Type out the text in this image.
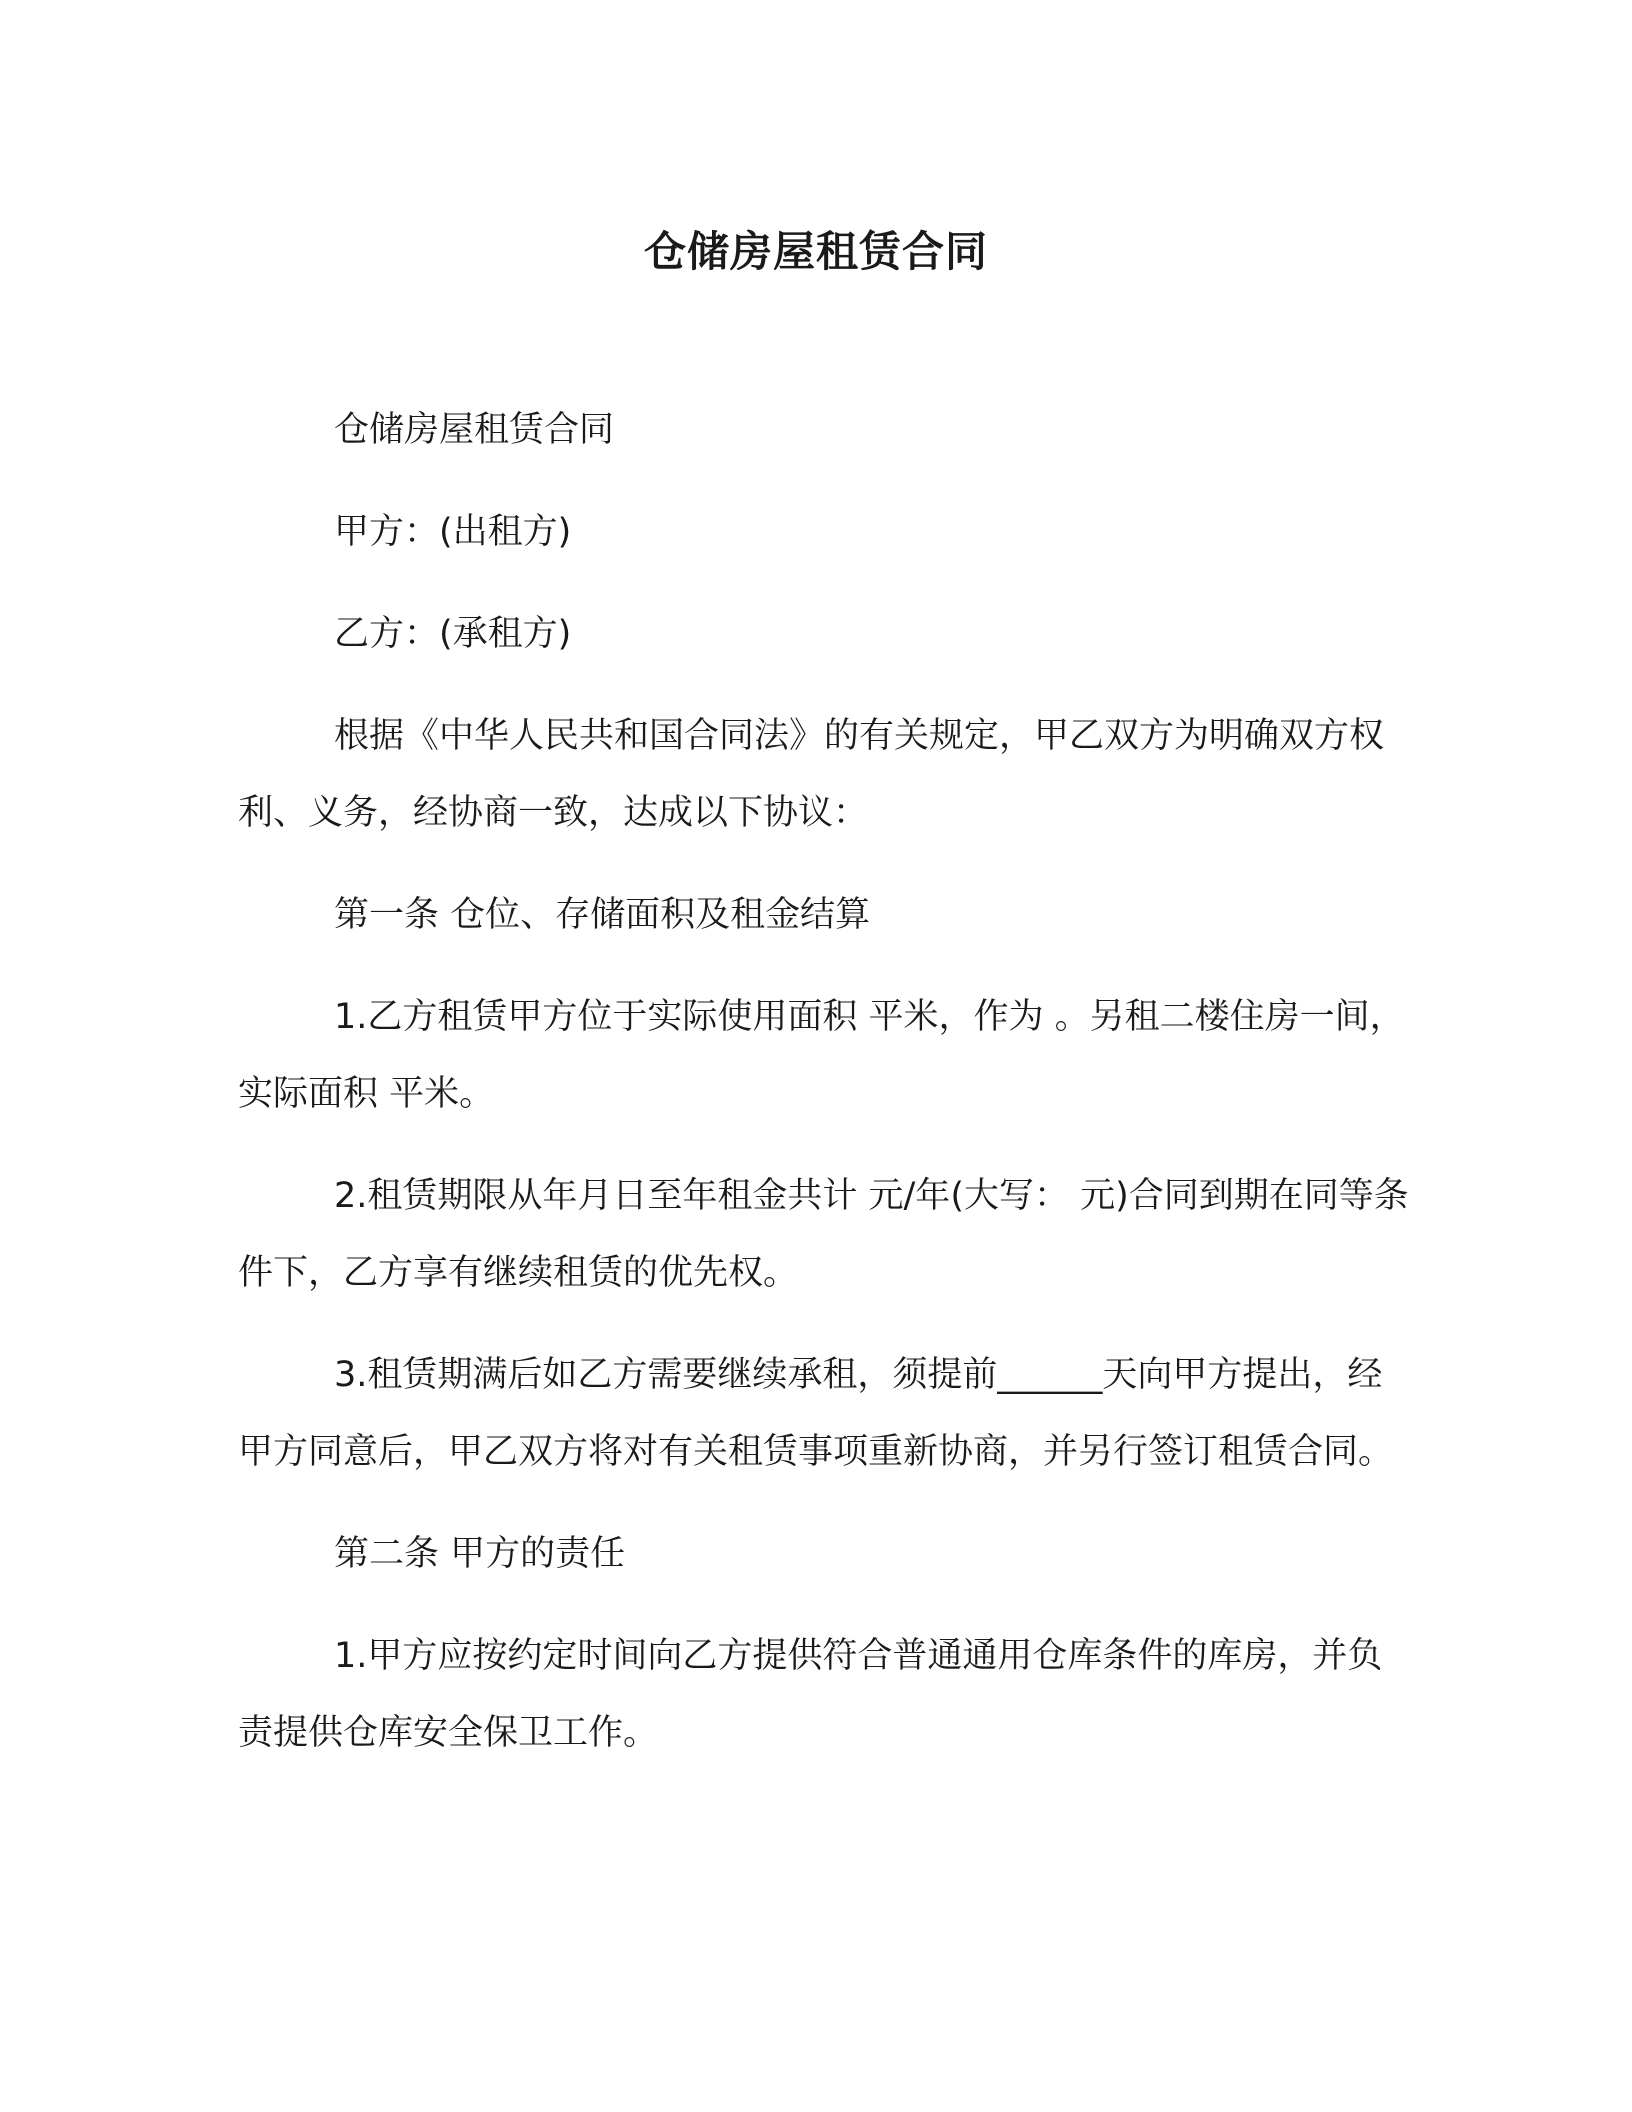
仓储房屋租赁合同

仓储房屋租赁合同

甲方：(出租方)

乙方：(承租方)

根据《中华人民共和国合同法》的有关规定，甲乙双方为明确双方权利、义务，经协商一致，达成以下协议：

第一条 仓位、存储面积及租金结算

1.乙方租赁甲方位于实际使用面积 平米，作为 。另租二楼住房一间，实际面积 平米。

2.租赁期限从年月日至年租金共计 元/年(大写： 元)合同到期在同等条件下，乙方享有继续租赁的优先权。

3.租赁期满后如乙方需要继续承租，须提前______天向甲方提出，经甲方同意后，甲乙双方将对有关租赁事项重新协商，并另行签订租赁合同。

第二条 甲方的责任

1.甲方应按约定时间向乙方提供符合普通通用仓库条件的库房，并负责提供仓库安全保卫工作。
